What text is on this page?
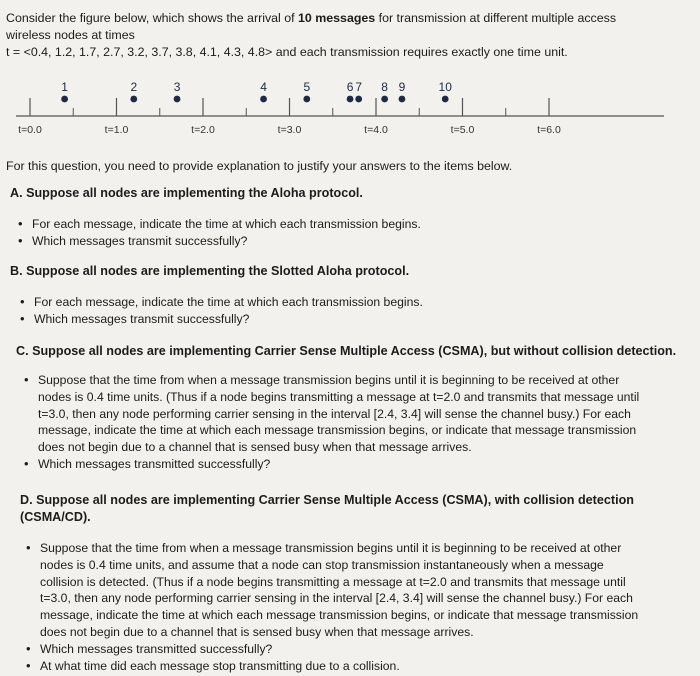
Consider the figure below, which shows the arrival of 10 messages for transmission at different multiple access

wireless nodes at times

t = <0.4, 1.2, 1.7, 2.7, 3.2, 3.7, 3.8, 4.1, 4.3, 4.8> and each transmission requires exactly one time unit.

t=0.0	t=1.0	t=2.0	t=3.0	t=4.0	t=5.0	t=6.0
1	2	3	4	5	6 7 8 9	10
For this question, you need to provide explanation to justify your answers to the items below.
A. Suppose all nodes are implementing the Aloha protocol.
• For each message, indicate the time at which each transmission begins.
• Which messages transmit successfully?
B. Suppose all nodes are implementing the Slotted Aloha protocol.
• For each message, indicate the time at which each transmission begins.
• Which messages transmit successfully?
C. Suppose all nodes are implementing Carrier Sense Multiple Access (CSMA), but without collision detection.
• Suppose that the time from when a message transmission begins until it is beginning to be received at other nodes is 0.4 time units. (Thus if a node begins transmitting a message at t=2.0 and transmits that message until t=3.0, then any node performing carrier sensing in the interval [2.4, 3.4] will sense the channel busy.) For each message, indicate the time at which each message transmission begins, or indicate that message transmission does not begin due to a channel that is sensed busy when that message arrives.
• Which messages transmitted successfully?
D. Suppose all nodes are implementing Carrier Sense Multiple Access (CSMA), with collision detection (CSMA/CD).
• Suppose that the time from when a message transmission begins until it is beginning to be received at other nodes is 0.4 time units, and assume that a node can stop transmission instantaneously when a message collision is detected. (Thus if a node begins transmitting a message at t=2.0 and transmits that message until t=3.0, then any node performing carrier sensing in the interval [2.4, 3.4] will sense the channel busy.) For each message, indicate the time at which each message transmission begins, or indicate that message transmission does not begin due to a channel that is sensed busy when that message arrives.
• Which messages transmitted successfully?
• At what time did each message stop transmitting due to a collision.
